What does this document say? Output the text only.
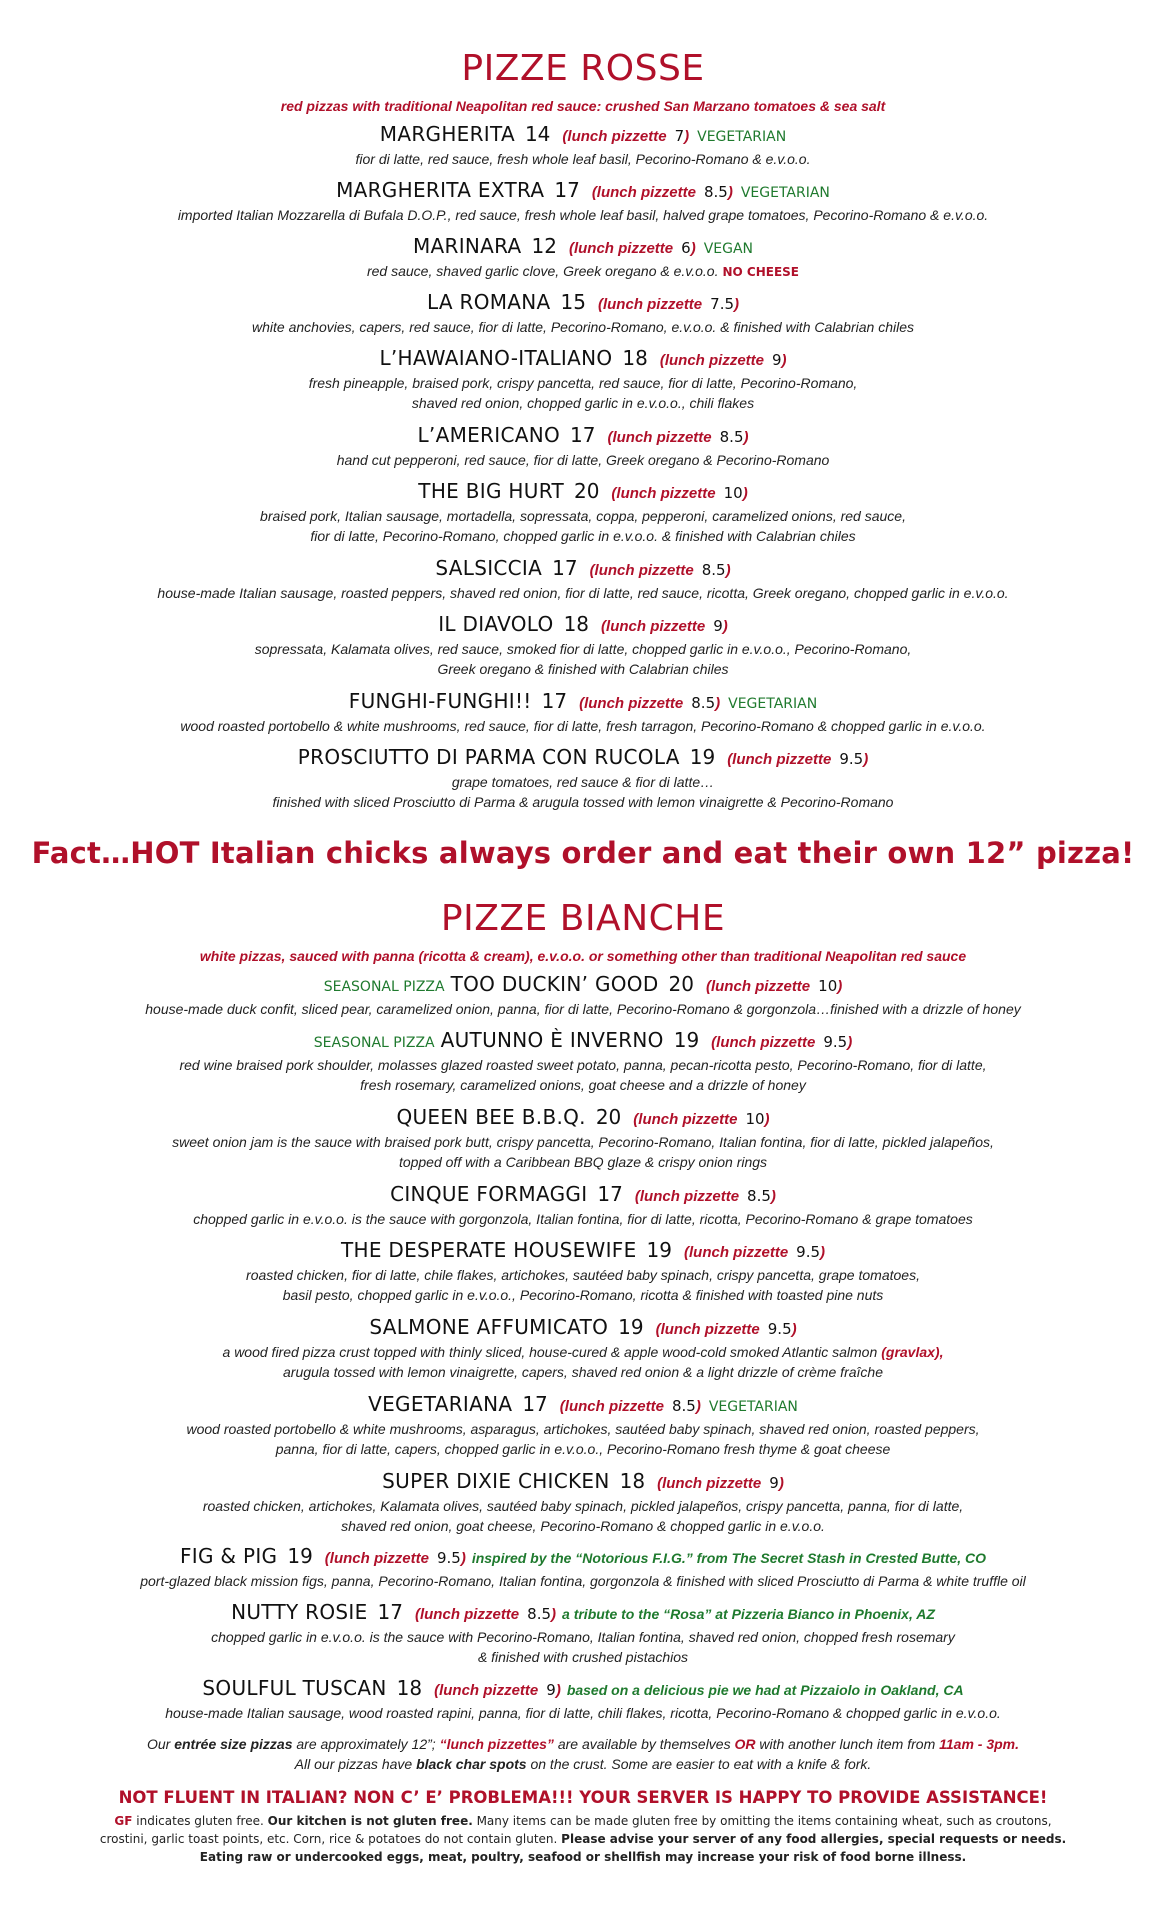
PIZZE ROSSE
red pizzas with traditional Neapolitan red sauce: crushed San Marzano tomatoes & sea salt
MARGHERITA 14 (lunch pizzette 7) VEGETARIAN
fior di latte, red sauce, fresh whole leaf basil, Pecorino-Romano & e.v.o.o.
MARGHERITA EXTRA 17 (lunch pizzette 8.5) VEGETARIAN
imported Italian Mozzarella di Bufala D.O.P., red sauce, fresh whole leaf basil, halved grape tomatoes, Pecorino-Romano & e.v.o.o.
MARINARA 12 (lunch pizzette 6) VEGAN
red sauce, shaved garlic clove, Greek oregano & e.v.o.o. NO CHEESE
LA ROMANA 15 (lunch pizzette 7.5)
white anchovies, capers, red sauce, fior di latte, Pecorino-Romano, e.v.o.o. & finished with Calabrian chiles
L’HAWAIANO-ITALIANO 18 (lunch pizzette 9)
fresh pineapple, braised pork, crispy pancetta, red sauce, fior di latte, Pecorino-Romano,
shaved red onion, chopped garlic in e.v.o.o., chili flakes
L’AMERICANO 17 (lunch pizzette 8.5)
hand cut pepperoni, red sauce, fior di latte, Greek oregano & Pecorino-Romano
THE BIG HURT 20 (lunch pizzette 10)
braised pork, Italian sausage, mortadella, sopressata, coppa, pepperoni, caramelized onions, red sauce,
fior di latte, Pecorino-Romano, chopped garlic in e.v.o.o. & finished with Calabrian chiles
SALSICCIA 17 (lunch pizzette 8.5)
house-made Italian sausage, roasted peppers, shaved red onion, fior di latte, red sauce, ricotta, Greek oregano, chopped garlic in e.v.o.o.
IL DIAVOLO 18 (lunch pizzette 9)
sopressata, Kalamata olives, red sauce, smoked fior di latte, chopped garlic in e.v.o.o., Pecorino-Romano,
Greek oregano & finished with Calabrian chiles
FUNGHI-FUNGHI!! 17 (lunch pizzette 8.5) VEGETARIAN
wood roasted portobello & white mushrooms, red sauce, fior di latte, fresh tarragon, Pecorino-Romano & chopped garlic in e.v.o.o.
PROSCIUTTO DI PARMA CON RUCOLA 19 (lunch pizzette 9.5)
grape tomatoes, red sauce & fior di latte…
finished with sliced Prosciutto di Parma & arugula tossed with lemon vinaigrette & Pecorino-Romano
Fact…HOT Italian chicks always order and eat their own 12” pizza!
PIZZE BIANCHE
white pizzas, sauced with panna (ricotta & cream), e.v.o.o. or something other than traditional Neapolitan red sauce
SEASONAL PIZZA TOO DUCKIN’ GOOD 20 (lunch pizzette 10)
house-made duck confit, sliced pear, caramelized onion, panna, fior di latte, Pecorino-Romano & gorgonzola…finished with a drizzle of honey
SEASONAL PIZZA AUTUNNO È INVERNO 19 (lunch pizzette 9.5)
red wine braised pork shoulder, molasses glazed roasted sweet potato, panna, pecan-ricotta pesto, Pecorino-Romano, fior di latte,
fresh rosemary, caramelized onions, goat cheese and a drizzle of honey
QUEEN BEE B.B.Q. 20 (lunch pizzette 10)
sweet onion jam is the sauce with braised pork butt, crispy pancetta, Pecorino-Romano, Italian fontina, fior di latte, pickled jalapeños,
topped off with a Caribbean BBQ glaze & crispy onion rings
CINQUE FORMAGGI 17 (lunch pizzette 8.5)
chopped garlic in e.v.o.o. is the sauce with gorgonzola, Italian fontina, fior di latte, ricotta, Pecorino-Romano & grape tomatoes
THE DESPERATE HOUSEWIFE 19 (lunch pizzette 9.5)
roasted chicken, fior di latte, chile flakes, artichokes, sautéed baby spinach, crispy pancetta, grape tomatoes,
basil pesto, chopped garlic in e.v.o.o., Pecorino-Romano, ricotta & finished with toasted pine nuts
SALMONE AFFUMICATO 19 (lunch pizzette 9.5)
a wood fired pizza crust topped with thinly sliced, house-cured & apple wood-cold smoked Atlantic salmon (gravlax),
arugula tossed with lemon vinaigrette, capers, shaved red onion & a light drizzle of crème fraîche
VEGETARIANA 17 (lunch pizzette 8.5) VEGETARIAN
wood roasted portobello & white mushrooms, asparagus, artichokes, sautéed baby spinach, shaved red onion, roasted peppers,
panna, fior di latte, capers, chopped garlic in e.v.o.o., Pecorino-Romano fresh thyme & goat cheese
SUPER DIXIE CHICKEN 18 (lunch pizzette 9)
roasted chicken, artichokes, Kalamata olives, sautéed baby spinach, pickled jalapeños, crispy pancetta, panna, fior di latte,
shaved red onion, goat cheese, Pecorino-Romano & chopped garlic in e.v.o.o.
FIG & PIG 19 (lunch pizzette 9.5) inspired by the “Notorious F.I.G.” from The Secret Stash in Crested Butte, CO
port-glazed black mission figs, panna, Pecorino-Romano, Italian fontina, gorgonzola & finished with sliced Prosciutto di Parma & white truffle oil
NUTTY ROSIE 17 (lunch pizzette 8.5) a tribute to the “Rosa” at Pizzeria Bianco in Phoenix, AZ
chopped garlic in e.v.o.o. is the sauce with Pecorino-Romano, Italian fontina, shaved red onion, chopped fresh rosemary
& finished with crushed pistachios
SOULFUL TUSCAN 18 (lunch pizzette 9) based on a delicious pie we had at Pizzaiolo in Oakland, CA
house-made Italian sausage, wood roasted rapini, panna, fior di latte, chili flakes, ricotta, Pecorino-Romano & chopped garlic in e.v.o.o.
Our entrée size pizzas are approximately 12”; “lunch pizzettes” are available by themselves OR with another lunch item from 11am - 3pm.
All our pizzas have black char spots on the crust. Some are easier to eat with a knife & fork.
NOT FLUENT IN ITALIAN? NON C’ E’ PROBLEMA!!! YOUR SERVER IS HAPPY TO PROVIDE ASSISTANCE!
GF indicates gluten free. Our kitchen is not gluten free. Many items can be made gluten free by omitting the items containing wheat, such as croutons,
crostini, garlic toast points, etc. Corn, rice & potatoes do not contain gluten. Please advise your server of any food allergies, special requests or needs.
Eating raw or undercooked eggs, meat, poultry, seafood or shellfish may increase your risk of food borne illness.
